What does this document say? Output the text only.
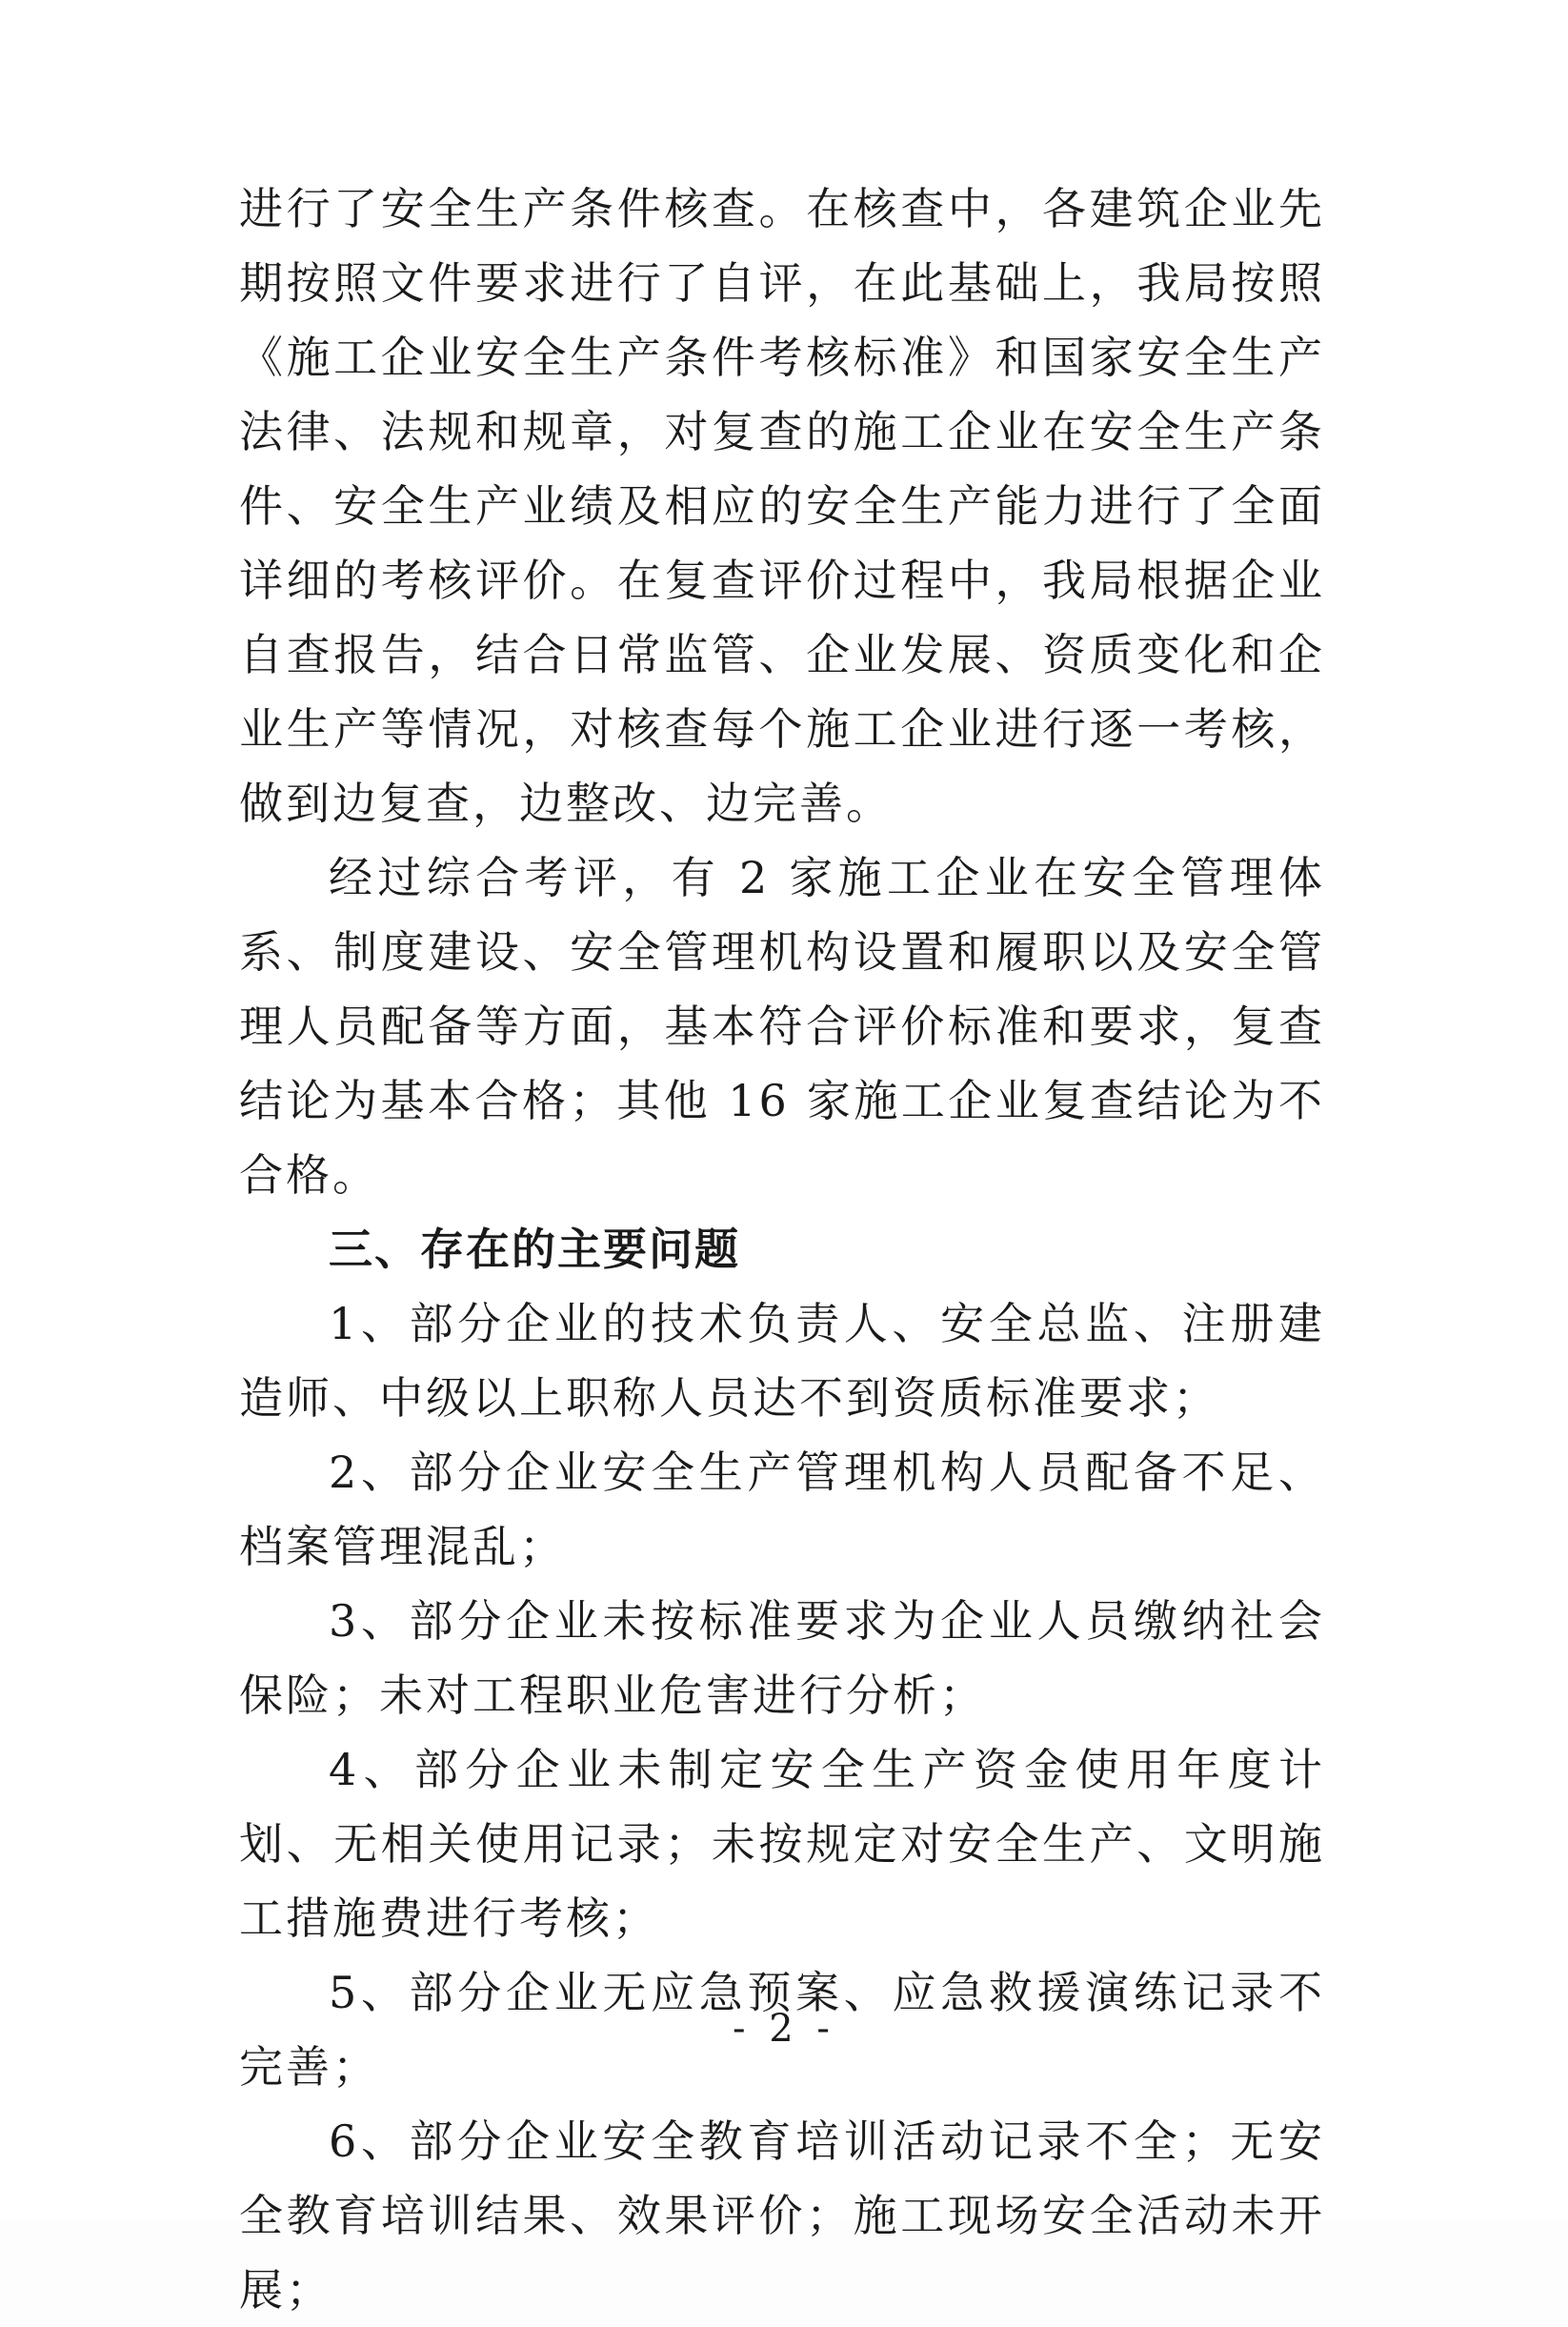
进行了安全生产条件核查。在核查中，各建筑企业先期按照文件要求进行了自评，在此基础上，我局按照《施工企业安全生产条件考核标准》和国家安全生产法律、法规和规章，对复查的施工企业在安全生产条件、安全生产业绩及相应的安全生产能力进行了全面详细的考核评价。在复查评价过程中，我局根据企业自查报告，结合日常监管、企业发展、资质变化和企业生产等情况，对核查每个施工企业进行逐一考核，做到边复查，边整改、边完善。

经过综合考评，有 2 家施工企业在安全管理体系、制度建设、安全管理机构设置和履职以及安全管理人员配备等方面，基本符合评价标准和要求，复查结论为基本合格；其他 16 家施工企业复查结论为不合格。

三、存在的主要问题

1、部分企业的技术负责人、安全总监、注册建造师、中级以上职称人员达不到资质标准要求；

2、部分企业安全生产管理机构人员配备不足、档案管理混乱；

3、部分企业未按标准要求为企业人员缴纳社会保险；未对工程职业危害进行分析；

4、部分企业未制定安全生产资金使用年度计划、无相关使用记录；未按规定对安全生产、文明施工措施费进行考核；

5、部分企业无应急预案、应急救援演练记录不完善；

6、部分企业安全教育培训活动记录不全；无安全教育培训结果、效果评价；施工现场安全活动未开展；

- 2 -
